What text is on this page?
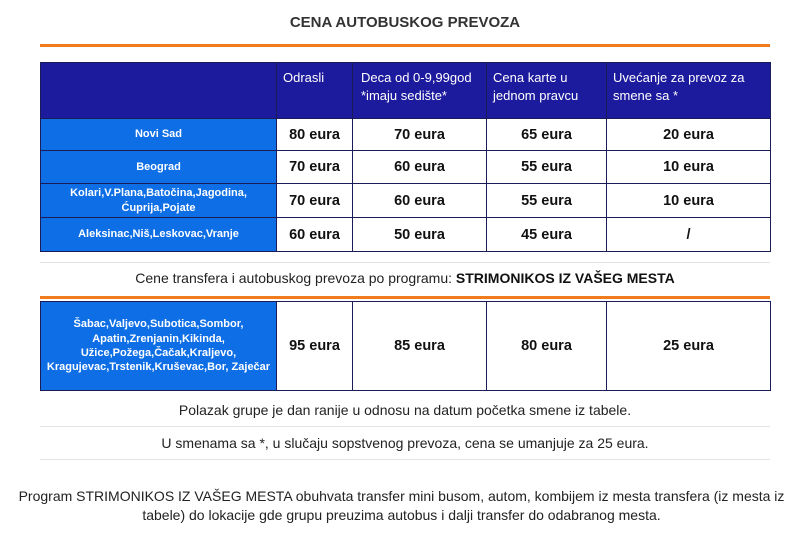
CENA AUTOBUSKOG PREVOZA
	Odrasli	Deca od 0-9,99god *imaju sedište*	Cena karte u jednom pravcu	Uvećanje za prevoz za smene sa *
Novi Sad	80 eura	70 eura	65 eura	20 eura
Beograd	70 eura	60 eura	55 eura	10 eura
Kolari,V.Plana,Batočina,Jagodina, Ćuprija,Pojate	70 eura	60 eura	55 eura	10 eura
Aleksinac,Niš,Leskovac,Vranje	60 eura	50 eura	45 eura	/
Cene transfera i autobuskog prevoza po programu: STRIMONIKOS IZ VAŠEG MESTA
Šabac,Valjevo,Subotica,Sombor, Apatin,Zrenjanin,Kikinda, Užice,Požega,Čačak,Kraljevo, Kragujevac,Trstenik,Kruševac,Bor, Zaječar	95 eura	85 eura	80 eura	25 eura
Polazak grupe je dan ranije u odnosu na datum početka smene iz tabele.
U smenama sa *, u slučaju sopstvenog prevoza, cena se umanjuje za 25 eura.
Program STRIMONIKOS IZ VAŠEG MESTA obuhvata transfer mini busom, autom, kombijem iz mesta transfera (iz mesta iz tabele) do lokacije gde grupu preuzima autobus i dalji transfer do odabranog mesta.
